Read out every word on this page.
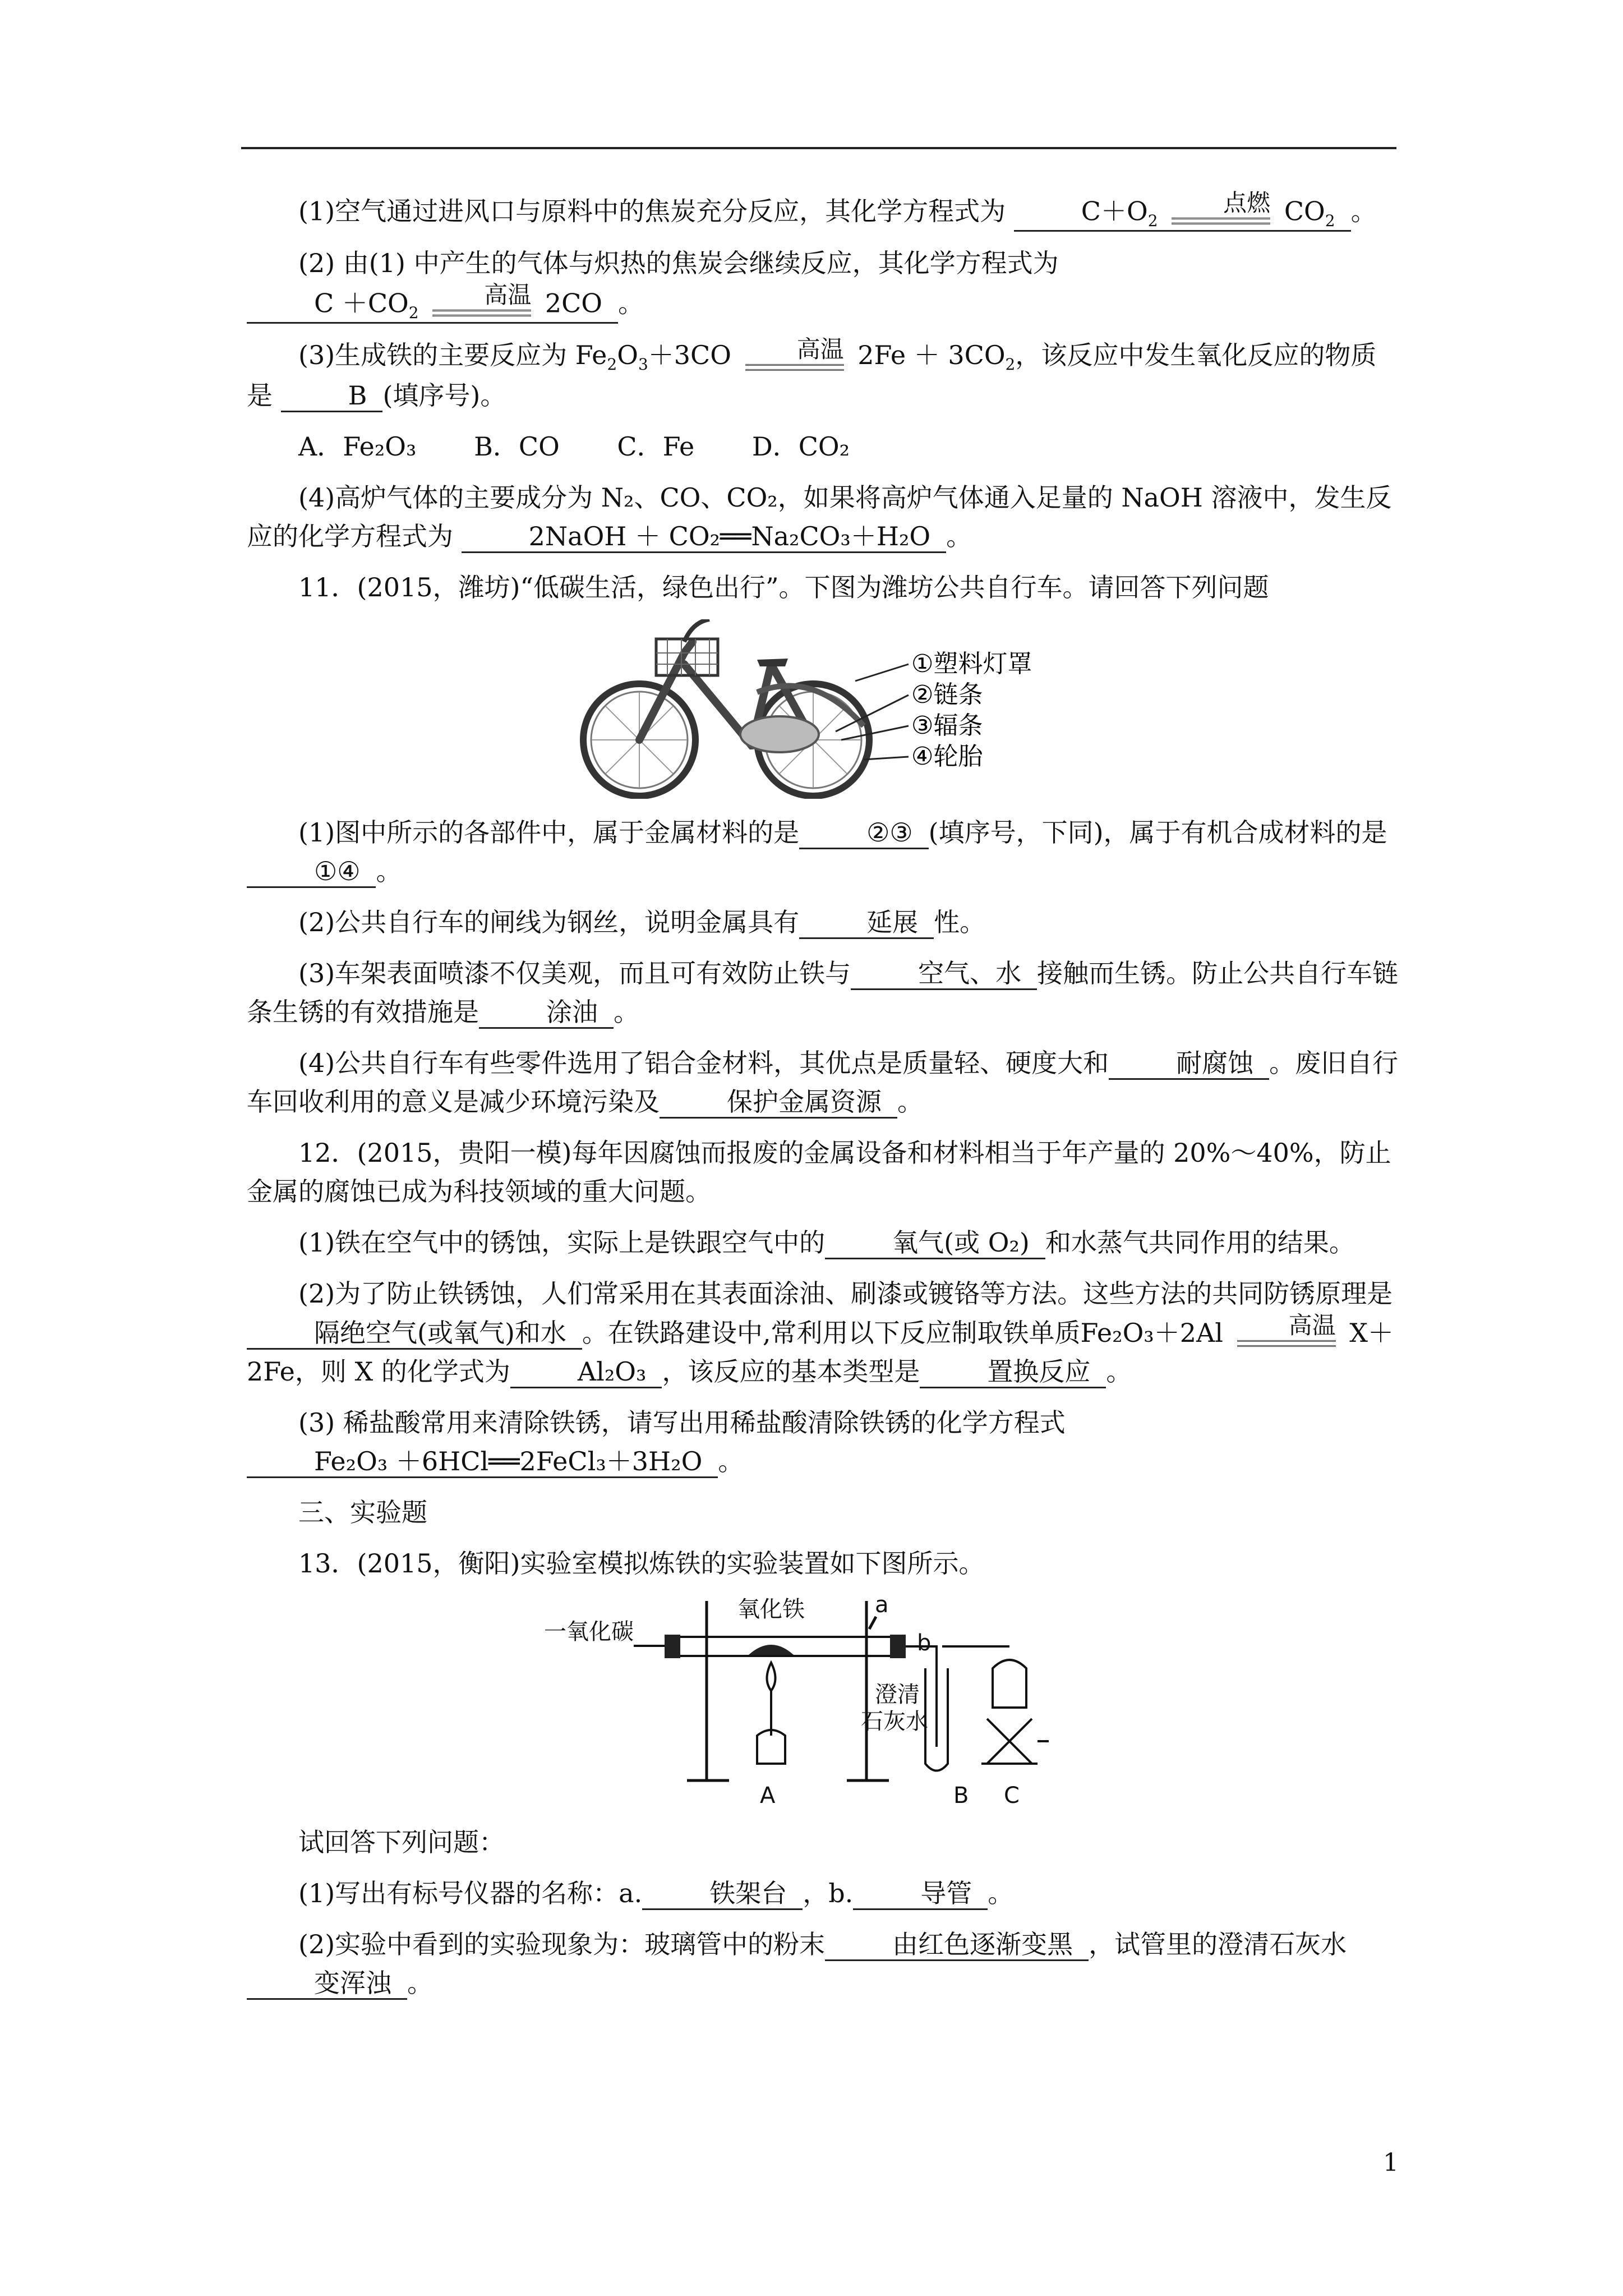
(1)空气通过进风口与原料中的焦炭充分反应，其化学方程式为	$C+O_2$
点燃 $CO_2$ 。

(2) 由(1) 中产生的气体与炽热的焦炭会继续反应，其化学方程式为 $C +CO_2$
高温 2CO 。

(3)生成铁的主要反应为 $Fe_2O_3+3CO$	高温 $2Fe + 3CO_2$，该反应中发生氧化反应的物质是	B (填序号)。

A．Fe₂O₃ B．CO C．Fe D．CO₂

(4)高炉气体的主要成分为 N₂、CO、CO₂，如果将高炉气体通入足量的 NaOH 溶液中，发生反应的化学方程式为	2NaOH ＋ CO₂══Na₂CO₃＋H₂O 。

11．(2015，潍坊)“低碳生活，绿色出行”。下图为潍坊公共自行车。请回答下列问题

①塑料灯罩
②链条
③辐条
④轮胎

(1)图中所示的各部件中，属于金属材料的是	②③ (填序号，下同)，属于有机合成材料的是①④ 。

(2)公共自行车的闸线为钢丝，说明金属具有	延展 性。

(3)车架表面喷漆不仅美观，而且可有效防止铁与	空气、水 接触而生锈。防止公共自行车链条生锈的有效措施是	涂油 。

(4)公共自行车有些零件选用了铝合金材料，其优点是质量轻、硬度大和	耐腐蚀 。废旧自行车回收利用的意义是减少环境污染及	保护金属资源 。

12．(2015，贵阳一模)每年因腐蚀而报废的金属设备和材料相当于年产量的 20%～40%，防止金属的腐蚀已成为科技领域的重大问题。

(1)铁在空气中的锈蚀，实际上是铁跟空气中的	氧气(或 O₂) 和水蒸气共同作用的结果。

(2)为了防止铁锈蚀，人们常采用在其表面涂油、刷漆或镀铬等方法。这些方法的共同防锈原理是隔绝空气(或氧气)和水 。在铁路建设中,常利用以下反应制取铁单质Fe₂O₃＋2Al	高温 X＋2Fe，则 X 的化学式为	Al₂O₃ ，该反应的基本类型是	置换反应 。

(3) 稀盐酸常用来清除铁锈，请写出用稀盐酸清除铁锈的化学方程式Fe₂O₃ ＋6HCl══2FeCl₃＋3H₂O 。

三、实验题

13．(2015，衡阳)实验室模拟炼铁的实验装置如下图所示。

一氧化碳
氧化铁	a
b
澄清
石灰水
A	B C

试回答下列问题：

(1)写出有标号仪器的名称：a.	铁架台 ，b.	导管 。

(2)实验中看到的实验现象为：玻璃管中的粉末	由红色逐渐变黑 ，试管里的澄清石灰水变浑浊 。

1
